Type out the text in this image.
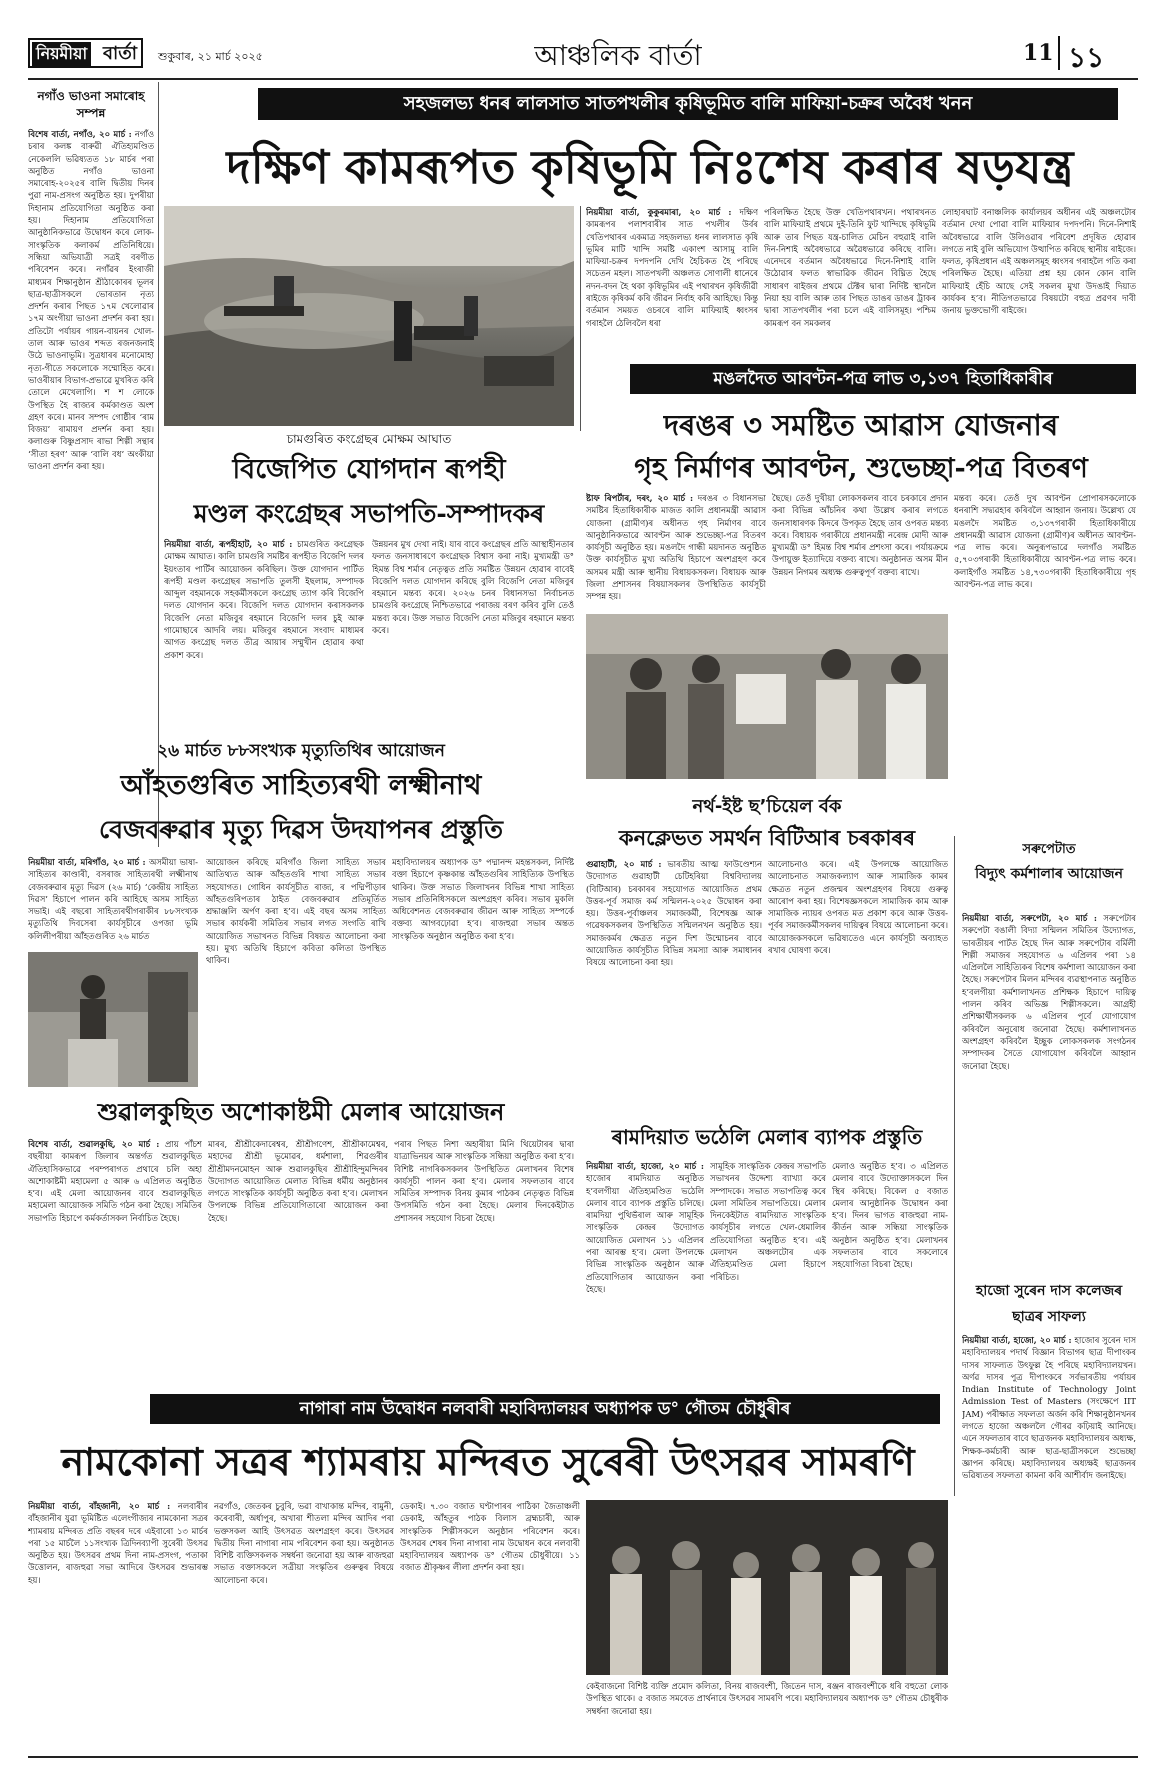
নিয়মীয়া বাৰ্তা শুকুবাৰ, ২১ মাৰ্চ ২০২৫	আঞ্চলিক বাৰ্তা	11 ১১
নগাঁও ভাওনা সমাৰোহ সম্পন্ন
বিশেষ বাৰ্তা, নগাঁও, ২০ মাৰ্চ : নগাঁও চৰাৰ কলঙ্ক বাৰুৱী ঐতিহ্যমণ্ডিত নেকেললি ভৱিষ্যতত ১৮ মাৰ্চৰ পৰা অনুষ্ঠিত নগাঁও ভাওনা সমাৰোহ-২০২৫ৰ বালি দ্বিতীয় দিনৰ পুৱা নাম-প্ৰসংগ অনুষ্ঠিত হয়। দুপৰীয়া দিহানাম প্ৰতিযোগিতা অনুষ্ঠিত কৰা হয়। দিহানাম প্ৰতিযোগিতা আনুষ্ঠানিকভাৱে উদ্বোধন কৰে লোক-সাংস্কৃতিক কলাকৰ্ম প্ৰতিনিধিয়ে। সন্ধিয়া অভিযাত্ৰী সত্ৰই বৰণীত পৰিবেশন কৰে। নগাঁৱৰ ইংৰাজী মাধ্যমৰ শিক্ষানুষ্ঠান শ্ৰীঠাকোৰৰ ভূলৰ ছাত্ৰ-ছাত্ৰীসকলে ভোৰতান নৃত্য প্ৰদৰ্শন কৰাৰ পিছত ১৭ম খেলোৱাৰ ১৭ম অংগীয়া ভাওনা প্ৰদৰ্শন কৰা হয়। প্ৰতিটো পৰ্যায়ৰ গায়ন-বায়নৰ খোল-তাল আৰু ভাওৰ শব্দত ৰজনজনাই উঠে ভাওনাভূমি। সুত্ৰধাৰৰ মনোমোহা নৃত্য-গীতে সকলোকে সম্মোহিত কৰে। ভাওৰীয়াৰ বিভাগ-প্ৰভাৱে মুখৰিত কৰি তোলে মেখেলাগি। শ শ লোকে উপস্থিত হৈ ৰাজ্যৰ কৰ্মকাণ্ডত অংশ গ্ৰহণ কৰে। মানব সম্পদ গোষ্ঠীৰ ‘ৰাম বিজয়’ ৰামায়ণ প্ৰদৰ্শন কৰা হয়। কলাগুৰু বিষ্ণুপ্ৰসাদ ৰাভা শিল্পী সন্থাৰ ‘সীতা হৰণ’ আৰু ‘বালি বধ’ অংকীয়া ভাওনা প্ৰদৰ্শন কৰা হয়।
সহজলভ্য ধনৰ লালসাত সাতপখলীৰ কৃষিভূমিত বালি মাফিয়া-চক্ৰৰ অবৈধ খনন
দক্ষিণ কামৰূপত কৃষিভূমি নিঃশেষ কৰাৰ ষড়যন্ত্ৰ
নিয়মীয়া বাৰ্তা, কুকুৰমাৰা, ২০ মাৰ্চ : দক্ষিণ কামৰূপৰ পলাশবাৰীৰ সাত পখলীৰ উৰ্বৰ খেতিপথাৰৰ একমাত্ৰ সহজলভ্য ধনৰ লালসাত কৃষি ভূমিৰ মাটি খান্দি সমষ্টি একাংশ আসামু বালি মাফিয়া-চক্ৰৰ দপদপনি দেখি হৈচিকত হৈ পৰিছে সচেতন মহল। সাতপখলী অঞ্চলত সোণালী ধানেৰে নদন-বদন হৈ থকা কৃষিভূমিৰ এই পথাৰখন কৃষিজীৱী ৰাইজে কৃষিকৰ্ম কৰি জীৱন নিৰ্বাহ কৰি আহিছে। কিন্তু বৰ্তমান সময়ত ওচৰৰে বালি মাফিয়াই ধ্বংসৰ গৰাহলৈ ঠেলিবলৈ ধৰা
পৰিলক্ষিত হৈছে উক্ত খেতিপথাৰখন। পথাৰখনত বালি মাফিয়াই প্ৰথমে দুই-তিনি ফুট খান্দিছে কৃষিভূমি আৰু তাৰ পিছত যন্ত্ৰ-চালিত মেচিন বহুৱাই বালি দিন-নিশাই অবৈধভাৱে অৱৈধভাৱে কৰিছে বালি। এনেদৰে বৰ্তমান অবৈধভাৱে দিনে-নিশাই বালি উঠোৱাৰ ফলত স্বাভাৱিক জীৱন বিঘ্নিত হৈছে সাধাৰণ ৰাইজৰ প্ৰথমে টেক্টৰ দ্বাৰা নিৰ্দিষ্ট স্থানলৈ নিয়া হয় বালি আৰু তাৰ পিছত ডাঙৰ ডাঙৰ ট্ৰাকৰ দ্বাৰা সাতপখলীৰ পৰা চলে এই বালিসমূহ। পশ্চিম কামৰূপ বন সমকলৰ
লোহাৰঘাট বনাঞ্চলিক কাৰ্যালয়ৰ অধীনৰ এই অঞ্চলটোৰ বৰ্তমান দেখা পোৱা বালি মাফিয়াৰ দপদপনি। দিনে-নিশাই অবৈধভাৱে বালি উলিওৱাৰ পৰিবেশ প্ৰদূষিত হোৱাৰ লগতে নাই বুলি অভিযোগ উত্থাপিত কৰিছে স্থানীয় ৰাইজে। ফলত, কৃষিপ্ৰধান এই অঞ্চলসমূহ ধ্বংসৰ গৰাহলৈ গতি কৰা পৰিলক্ষিত হৈছে। এতিয়া প্ৰশ্ন হয় কোন কোন বালি মাফিয়াই হেঁচি আছে সেই সকলৰ মুখা উদঙাই দিয়াত কাৰ্যকৰ হ’ব। নীতিগতভাৱে বিষয়টো বহুত্ৰ প্ৰৱণৰ দাবী জনায় ভুক্তভোগী ৰাইজে।
চামগুৰিত কংগ্ৰেছৰ মোক্ষম আঘাত
বিজেপিত যোগদান ৰূপহী
মণ্ডল কংগ্ৰেছৰ সভাপতি-সম্পাদকৰ
নিয়মীয়া বাৰ্তা, ৰূপহীহাট, ২০ মাৰ্চ : চামগুৰিত কংগ্ৰেছক মোক্ষম আঘাত। কালি চামগুৰি সমষ্টিৰ ৰূপহীত বিজেপি দলৰ ইয়ংতাৰ পাৰ্টিৰ আয়োজন কৰিছিল। উক্ত যোগদান পাৰ্টিত ৰূপহী মণ্ডল কংগ্ৰেছৰ সভাপতি তুলসী ইছলাম, সম্পাদক আব্দুল বহমানকে সহকৰ্মীসকলে কংগ্ৰেছ ত্যাগ কৰি বিজেপি দলত যোগদান কৰে। বিজেপি দলত যোগদান কৰাসকলক বিজেপি নেতা মজিবুৰ ৰহমানে বিজেপি দলৰ চুই আৰু গামোছাৰে আদৰি লয়। মজিবুৰ ৰহমানে সংবাদ মাধ্যমৰ আগত কংগ্ৰেছ দলত তীব্ৰ আয়াৰ সম্মুখীন হোৱাৰ কথা প্ৰকাশ কৰে।
উন্নয়নৰ মুখ দেখা নাই। যাৰ বাবে কংগ্ৰেছৰ প্ৰতি আস্থাহীনতাৰ ফলত জনসাধাৰণে কংগ্ৰেছক বিশ্বাস কৰা নাই। মুখ্যমন্ত্ৰী ড° হিমন্ত বিশ্ব শৰ্মাৰ নেতৃত্বত প্ৰতি সমষ্টিত উন্নয়ন হোৱাৰ বাবেই বিজেপি দলত যোগদান কৰিছে বুলি বিজেপি নেতা মজিবুৰ ৰহমানে মন্তব্য কৰে। ২০২৬ চনৰ বিধানসভা নিৰ্বাচনত চামগুৰি কংগ্ৰেছে নিশ্চিতভাৱে পৰাজয় বৰণ কৰিব বুলি তেওঁ মন্তব্য কৰে। উক্ত সভাত বিজেপি নেতা মজিবুৰ ৰহমানে মন্তব্য কৰে।
মঙলদৈত আবণ্টন-পত্ৰ লাভ ৩,১৩৭ হিতাধিকাৰীৰ
দৰঙৰ ৩ সমষ্টিত আৱাস যোজনাৰ
গৃহ নিৰ্মাণৰ আবণ্টন, শুভেচ্ছা-পত্ৰ বিতৰণ
ষ্টাফ ৰিপৰ্টাৰ, দৰং, ২০ মাৰ্চ : দৰঙৰ ৩ বিধানসভা সমষ্টিৰ হিতাধিকাৰীক মাজত কালি প্ৰধানমন্ত্ৰী আৱাস যোজনা (গ্ৰামীণ)ৰ অধীনত গৃহ নিৰ্মাণৰ বাবে আনুষ্ঠানিকভাৱে আবণ্টন আৰু শুভেচ্ছা-পত্ৰ বিতৰণ কাৰ্যসূচী অনুষ্ঠিত হয়। মঙলদৈ গান্ধী ময়দানত অনুষ্ঠিত উক্ত কাৰ্যসূচীত মুখ্য অতিথি হিচাপে অংশগ্ৰহণ কৰে অসমৰ মন্ত্ৰী আৰু স্থানীয় বিধায়কসকল। বিধায়ক আৰু জিলা প্ৰশাসনৰ বিষয়াসকলৰ উপস্থিতিত কাৰ্যসূচী সম্পন্ন হয়।
ছৈছে। তেওঁ দুখীয়া লোকসকলৰ বাবে চৰকাৰে প্ৰদান কৰা বিভিন্ন আঁচনিৰ কথা উল্লেখ কৰাৰ লগতে জনসাধাৰণক কিদৰে উপকৃত হৈছে তাৰ ওপৰত মন্তব্য কৰে। বিধায়ক গৰাকীয়ে প্ৰধানমন্ত্ৰী নৰেন্দ্ৰ মোদী আৰু মুখ্যমন্ত্ৰী ড° হিমন্ত বিশ্ব শৰ্মাৰ প্ৰশংসা কৰে। পৰ্যায়ক্ৰমে উপায়ুক্ত ইত্যাদিয়ে বক্তব্য ৰাখে। অনুষ্ঠানত অসম মীন উন্নয়ন নিগমৰ অধ্যক্ষ গুৰুত্বপূৰ্ণ বক্তব্য ৰাখে।
মন্তব্য কৰে। তেওঁ দুখ আবণ্টন প্ৰোপাৰসকলোকে ধনৰাশি সদ্ব্যৱহাৰ কৰিবলৈ আহ্বান জনায়। উল্লেখ্য যে মঙলদৈ সমষ্টিত ৩,১৩৭গৰাকী হিতাধিকাৰীয়ে প্ৰধানমন্ত্ৰী আৱাস যোজনা (গ্ৰামীণ)ৰ অধীনত আবণ্টন-পত্ৰ লাভ কৰে। অনুৰূপভাৱে দলগাঁও সমষ্টিত ৫,৭০৩গৰাকী হিতাধিকাৰীয়ে আবণ্টন-পত্ৰ লাভ কৰে। কলাইগাঁও সমষ্টিত ১৪,৭৩০গৰাকী হিতাধিকাৰীয়ে গৃহ আবণ্টন-পত্ৰ লাভ কৰে।
২৬ মাৰ্চত ৮৮সংখ্যক মৃত্যুতিথিৰ আয়োজন
আঁহতগুৰিত সাহিত্যৰথী লক্ষ্মীনাথ
বেজবৰুৱাৰ মৃত্যু দিৱস উদযাপনৰ প্ৰস্তুতি
নিয়মীয়া বাৰ্তা, মৰিগাঁও, ২০ মাৰ্চ : অসমীয়া ভাষা-সাহিত্যৰ কাণ্ডাৰী, বসৰাজ সাহিত্যৰথী লক্ষ্মীনাথ বেজবৰুৱাৰ মৃত্যু দিৱস (২৬ মাৰ্চ) ‘কেন্দ্ৰীয় সাহিত্য দিৱস’ হিচাপে পালন কৰি আহিছে অসম সাহিত্য সভাই। এই বছৰো সাহিত্যৰথীগৰাকীৰ ৮৮সংখ্যক মৃত্যুতিথি দিবসেৰা কাৰ্যসূচীৰে ওপজা ভূমি কলিলীপৰীয়া আঁহতগুৰিত ২৬ মাৰ্চত
আয়োজন কৰিছে মৰিগাঁও জিলা সাহিত্য সভাৰ আতিথ্যত আৰু আঁহতগুৰি শাখা সাহিত্য সভাৰ সহযোগত। গোধিন কাৰ্যসূচীত ৰাজ্য, ৰ পদ্মিপীড়াৰ আঁহতগুৰিপতাৰ ঠাইত বেজবৰুৱাৰ প্ৰতিমূৰ্তিত শ্ৰদ্ধাঞ্জলি অৰ্পণ কৰা হ’ব। এই বছৰ অসম সাহিত্য সভাৰ কাৰ্যকৰী সমিতিৰ সভাৰ লগত সংগতি ৰাখি আয়োজিত সভাখনত বিভিন্ন বিষয়ত আলোচনা কৰা হয়। মুখ্য অতিথি হিচাপে কবিতা কলিতা উপস্থিত থাকিব।
মহাবিদ্যালয়ৰ অধ্যাপক ড° পদ্মানন্দ মহন্তসকল, নিৰ্দিষ্ট বক্তা হিচাপে কৃষ্ণকান্ত আঁহতগুৰিৰ সাহিত্যিক উপস্থিত থাকিব। উক্ত সভাত জিলাখনৰ বিভিন্ন শাখা সাহিত্য সভাৰ প্ৰতিনিধিসকলে অংশগ্ৰহণ কৰিব। সভাৰ মুকলি অধিবেশনত বেজবৰুৱাৰ জীৱন আৰু সাহিত্য সম্পৰ্কে বক্তব্য আগবঢ়োৱা হ’ব। ৰাজহুৱা সভাৰ অন্তত সাংস্কৃতিক অনুষ্ঠান অনুষ্ঠিত কৰা হ’ব।
নৰ্থ-ইষ্ট ছ’চিয়েল ৰ্বক
কনক্লেভত সমৰ্থন বিটিআৰ চৰকাৰৰ
গুৱাহাটী, ২০ মাৰ্চ : ভাৰতীয় আত্ম ফাউণ্ডেশ্যন উদ্যোগত গুৱাহাটী চেটিহৰিয়া বিশ্ববিদ্যালয় (বিটিআৰ) চৰকাৰৰ সহযোগত আয়োজিত প্ৰথম উত্তৰ-পূৰ্ব সমাজ কৰ্ম সন্মিলন-২০২৫ উদ্বোধন কৰা হয়। উত্তৰ-পূৰ্বাঞ্চলৰ সমাজকৰ্মী, বিশেষজ্ঞ আৰু গৱেষকসকলৰ উপস্থিতিত সন্মিলনখন অনুষ্ঠিত হয়। সমাজকৰ্মৰ ক্ষেত্ৰত নতুন দিশ উন্মোচনৰ বাবে আয়োজিত কাৰ্যসূচীত বিভিন্ন সমস্যা আৰু সমাধানৰ বিষয়ে আলোচনা কৰা হয়।
আলোচনাও কৰে। এই উপলক্ষে আয়োজিত আলোচনাত সমাজকল্যাণ আৰু সামাজিক কামৰ ক্ষেত্ৰত নতুন প্ৰজন্মৰ অংশগ্ৰহণৰ বিষয়ে গুৰুত্ব আৰোপ কৰা হয়। বিশেষজ্ঞসকলে সামাজিক কাম আৰু সামাজিক ন্যায়ৰ ওপৰত মত প্ৰকাশ কৰে আৰু উত্তৰ-পূৰ্বৰ সমাজকৰ্মীসকলৰ দায়িত্বৰ বিষয়ে আলোচনা কৰে। আয়োজকসকলে ভৱিষ্যতেও এনে কাৰ্যসূচী অব্যাহত ৰখাৰ ঘোষণা কৰে।
সৰুপেটাত
বিদ্যুৎ কৰ্মশালাৰ আয়োজন
নিয়মীয়া বাৰ্তা, সৰুপেটা, ২০ মাৰ্চ : সৰুপেটাৰ সৰুপেটা বঙালী বিদ্যা সন্মিলন সমিতিৰ উদ্যোগত, ভাৰতীয়ৰ পাৰ্টত হৈছে দিন আৰু সৰুপেটাৰ বৰ্মিলী শিল্পী সমাজৰ সহযোগত ৬ এপ্ৰিলৰ পৰা ১৪ এপ্ৰিললৈ সাহিত্যিকৰ বিশেষ কৰ্মশালা আয়োজন কৰা হৈছে। সৰুপেটাৰ মিলন মন্দিৰৰ ব্যৱস্থাপনাত অনুষ্ঠিত হ’বলগীয়া কৰ্মশালাখনত প্ৰশিক্ষক হিচাপে দায়িত্ব পালন কৰিব অভিজ্ঞ শিল্পীসকলে। আগ্ৰহী প্ৰশিক্ষাৰ্থীসকলক ৬ এপ্ৰিলৰ পূৰ্বে যোগাযোগ কৰিবলৈ অনুৰোধ জনোৱা হৈছে। কৰ্মশালাখনত অংশগ্ৰহণ কৰিবলৈ ইচ্ছুক লোকসকলক সংগঠনৰ সম্পাদকৰ সৈতে যোগাযোগ কৰিবলৈ আহ্বান জনোৱা হৈছে।
শুৱালকুছিত অশোকাষ্টমী মেলাৰ আয়োজন
বিশেষ বাৰ্তা, শুৱালকুছি, ২০ মাৰ্চ : প্ৰায় পাঁচশ বছৰীয়া কামৰূপ জিলাৰ অন্তৰ্গত শুৱালকুছিত ঐতিহাসিকভাৱে পৰম্পৰাগত প্ৰথাৰে চলি অহা অশোকাষ্টমী মহামেলা ৫ আৰু ৬ এপ্ৰিলত অনুষ্ঠিত হ’ব। এই মেলা আয়োজনৰ বাবে শুৱালকুছিত মহামেলা আয়োজক সমিতি গঠন কৰা হৈছে। সমিতিৰ সভাপতি হিচাপে কৰ্মকৰ্তাসকল নিৰ্বাচিত হৈছে।
মাৰৰ, শ্ৰীশ্ৰীকেদাৰেশ্বৰ, শ্ৰীশ্ৰীগণেশ, শ্ৰীশ্ৰীকামেশ্বৰ, মহাদেৱ শ্ৰীশ্ৰী ভূমোৱৰ, ধৰ্মশালা, শিৱগুৰীৰ শ্ৰীশ্ৰীমদনমোহন আৰু শুৱালকুছিৰ শ্ৰীশ্ৰীহিন্দুমন্দিৰৰ উদ্যোগত আয়োজিত মেলাত বিভিন্ন ধৰ্মীয় অনুষ্ঠানৰ লগতে সাংস্কৃতিক কাৰ্যসূচী অনুষ্ঠিত কৰা হ’ব। মেলাখন উপলক্ষে বিভিন্ন প্ৰতিযোগিতাৰো আয়োজন কৰা হৈছে।
পৰাৰ পিছত নিশা অহাৰীয়া মিনি থিয়েটাৰৰ দ্বাৰা যাত্ৰাভিনয়ৰ আৰু সাংস্কৃতিক সন্ধিয়া অনুষ্ঠিত কৰা হ’ব। বিশিষ্ট নাগৰিকসকলৰ উপস্থিতিত মেলাখনৰ বিশেষ কাৰ্যসূচী পালন কৰা হ’ব। মেলাৰ সফলতাৰ বাবে সমিতিৰ সম্পাদক বিনয় কুমাৰ পাঠকৰ নেতৃত্বত বিভিন্ন উপসমিতি গঠন কৰা হৈছে। মেলাৰ দিনকেইটাত প্ৰশাসনৰ সহযোগ বিচৰা হৈছে।
ৰামদিয়াত ভঠেলি মেলাৰ ব্যাপক প্ৰস্তুতি
নিয়মীয়া বাৰ্তা, হাজো, ২০ মাৰ্চ : হাজোৰ ৰামদিয়াত অনুষ্ঠিত হ’বলগীয়া ঐতিহ্যমণ্ডিত ভঠেলি মেলাৰ বাবে ব্যাপক প্ৰস্তুতি চলিছে। ৰামদিয়া পুথিভঁৰাল আৰু সামূহিক সাংস্কৃতিক কেন্দ্ৰৰ উদ্যোগত আয়োজিত মেলাখন ১১ এপ্ৰিলৰ পৰা আৰম্ভ হ’ব। মেলা উপলক্ষে বিভিন্ন সাংস্কৃতিক অনুষ্ঠান আৰু প্ৰতিযোগিতাৰ আয়োজন কৰা হৈছে।
সামূহিক সাংস্কৃতিক কেন্দ্ৰৰ সভাপতি সভাখনৰ উদ্দেশ্য ব্যাখ্যা কৰে সম্পাদকে। সভাত সভাপতিত্ব কৰে মেলা সমিতিৰ সভাপতিয়ে। মেলাৰ দিনকেইটাত ৰামদিয়াত সাংস্কৃতিক কাৰ্যসূচীৰ লগতে খেল-ধেমালিৰ প্ৰতিযোগিতা অনুষ্ঠিত হ’ব। এই মেলাখন অঞ্চলটোৰ এক ঐতিহ্যমণ্ডিত মেলা হিচাপে পৰিচিত।
মেলাও অনুষ্ঠিত হ’ব। ৩ এপ্ৰিলত মেলাৰ বাবে উদ্যোক্তাসকলে দিন স্থিৰ কৰিছে। বিকেল ৫ বজাত মেলাৰ আনুষ্ঠানিক উদ্বোধন কৰা হ’ব। দিনৰ ভাগত ৰাজহুৱা নাম-কীৰ্তন আৰু সন্ধিয়া সাংস্কৃতিক অনুষ্ঠান অনুষ্ঠিত হ’ব। মেলাখনৰ সফলতাৰ বাবে সকলোৰে সহযোগিতা বিচৰা হৈছে।
হাজো সুৰেন দাস কলেজৰ ছাত্ৰৰ সাফল্য
নিয়মীয়া বাৰ্তা, হাজো, ২০ মাৰ্চ : হাজোৰ সুৰেন দাস মহাবিদ্যালয়ৰ পদাৰ্থ বিজ্ঞান বিভাগৰ ছাত্ৰ দীপাংকৰ দাসৰ সাফল্যত উৎফুল্ল হৈ পৰিছে মহাবিদ্যালয়খন। অৰ্ণৱ দাসৰ পুত্ৰ দীপাংকৰে সৰ্বভাৰতীয় পৰ্যায়ৰ Indian Institute of Technology Joint Admission Test of Masters (সংক্ষেপে IIT JAM) পৰীক্ষাত সফলতা অৰ্জন কৰি শিক্ষানুষ্ঠানখনৰ লগতে হাজো অঞ্চললৈ গৌৰৱ কঢ়িয়াই আনিছে। এনে সফলতাৰ বাবে ছাত্ৰজনক মহাবিদ্যালয়ৰ অধ্যক্ষ, শিক্ষক-কৰ্মচাৰী আৰু ছাত্ৰ-ছাত্ৰীসকলে শুভেচ্ছা জ্ঞাপন কৰিছে। মহাবিদ্যালয়ৰ অধ্যক্ষই ছাত্ৰজনৰ ভৱিষ্যতৰ সফলতা কামনা কৰি আশীৰ্বাদ জনাইছে।
নাগাৰা নাম উদ্বোধন নলবাৰী মহাবিদ্যালয়ৰ অধ্যাপক ড° গৌতম চৌধুৰীৰ
নামকোনা সত্ৰৰ শ্যামৰায় মন্দিৰত সুৰেৰী উৎসৱৰ সামৰণি
নিয়মীয়া বাৰ্তা, বাঁহজানী, ২০ মাৰ্চ : নলবাৰীৰ বাঁহজানীৰ যুৱা ভূমিষ্টিত এলেংগীজ্যৰ নামকোনা সত্ৰৰ শ্যামৰায় মন্দিৰত প্ৰতি বছৰৰ দৰে এইবাৰো ১৩ মাৰ্চৰ পৰা ১৫ মাৰ্চলৈ ১১সংখ্যক ত্ৰিদিনব্যাপী সুৰেৰী উৎসৱ অনুষ্ঠিত হয়। উৎসৱৰ প্ৰথম দিনা নাম-প্ৰসংগ, পতাকা উত্তোলন, ৰাজহুৱা সভা আদিৰে উৎসৱৰ শুভাৰম্ভ হয়।
নৱগাঁও, জেতকৰ চুবুৰি, ভৱা বাখাকান্ত মন্দিৰ, বামুনী, কৰেবাৰী, অৰ্ধাপুৰ, অখাৰা শীতলা মন্দিৰ আদিৰ পৰা ভক্তসকল আহি উৎসৱত অংশগ্ৰহণ কৰে। উৎসৱৰ দ্বিতীয় দিনা নাগাৰা নাম পৰিবেশন কৰা হয়। অনুষ্ঠানত বিশিষ্ট ব্যক্তিসকলক সম্বৰ্ধনা জনোৱা হয় আৰু ৰাজহুৱা সভাত বক্তাসকলে সত্ৰীয়া সংস্কৃতিৰ গুৰুত্বৰ বিষয়ে আলোচনা কৰে।
ডেকাই। ৭.৩০ বজাত ঘণ্টাপাৰৰ পাঠিকা জৈতাঞ্চলী ডেকাই, আঁহতুৰ পাঠক বিলাস ব্ৰহ্মচাৰী, আৰু সাংস্কৃতিক শিল্পীসকলে অনুষ্ঠান পৰিবেশন কৰে। উৎসৱৰ শেষৰ দিনা নাগাৰা নাম উদ্বোধন কৰে নলবাৰী মহাবিদ্যালয়ৰ অধ্যাপক ড° গৌতম চৌধুৰীয়ে। ১১ বজাত শ্ৰীকৃষ্ণৰ লীলা প্ৰদৰ্শন কৰা হয়।
কেইবাজনো বিশিষ্ট ব্যক্তি প্ৰমোদ কলিতা, বিনয় ৰাজবংশী, জিতেন দাস, ৰঞ্জন ৰাজবংশীকে ধৰি বহুতো লোক উপস্থিত থাকে। ৫ বজাত সমবেত প্ৰাৰ্থনাৰে উৎসৱৰ সামৰণি পৰে। মহাবিদ্যালয়ৰ অধ্যাপক ড° গৌতম চৌধুৰীক সম্বৰ্ধনা জনোৱা হয়।
